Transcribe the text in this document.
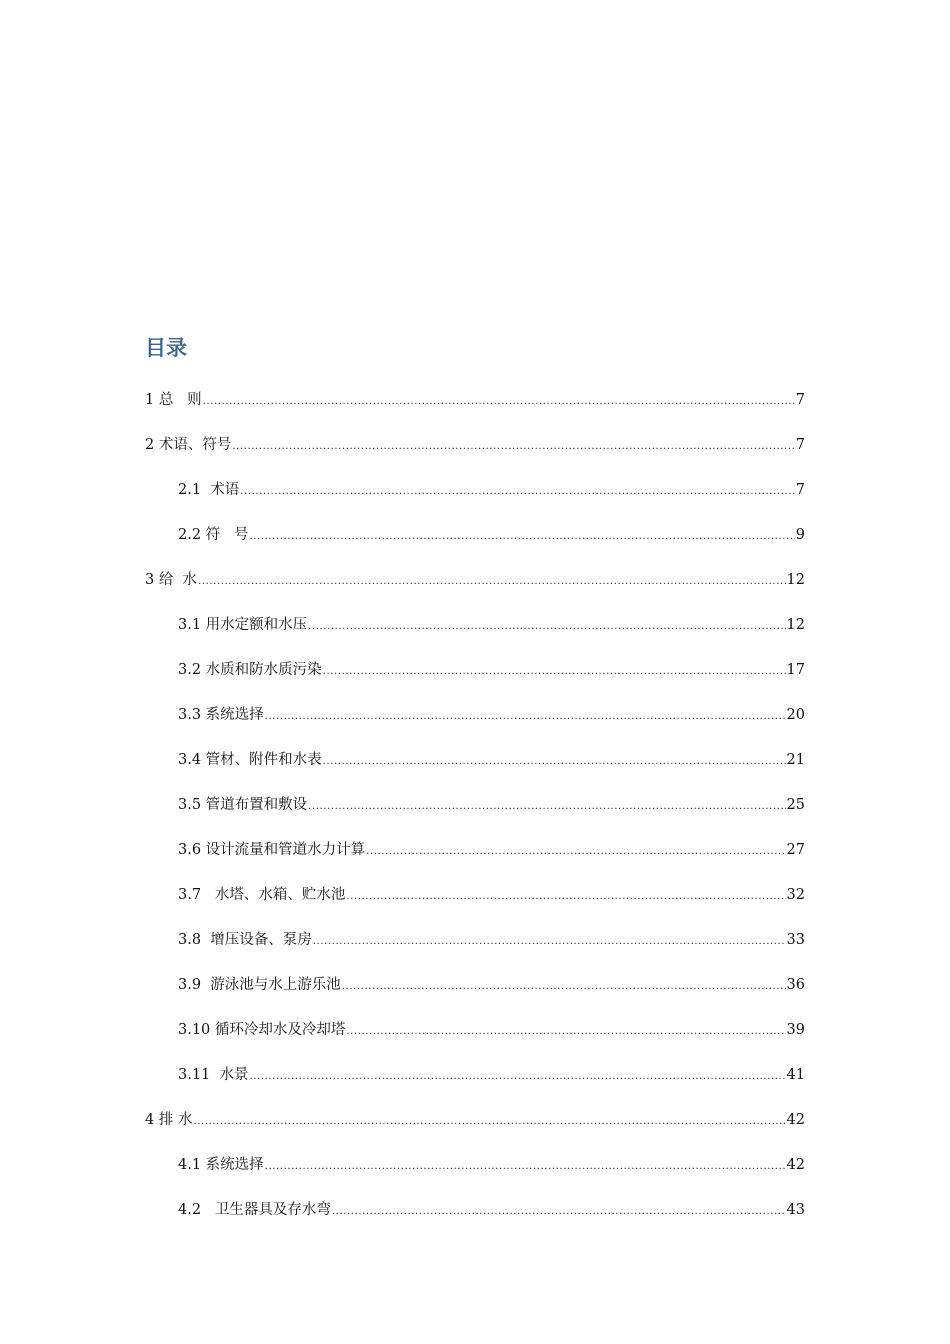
目录
1 总   则 .....	7
2 术语、符号 .....	7
2.1  术语 .....	7
2.2 符   号 .....	9
3 给  水 .....	12
3.1 用水定额和水压 .....	12
3.2 水质和防水质污染 .....	17
3.3 系统选择 .....	20
3.4 管材、附件和水表 .....	21
3.5 管道布置和敷设 .....	25
3.6 设计流量和管道水力计算 .....	27
3.7   水塔、水箱、贮水池 .....	32
3.8  增压设备、泵房 .....	33
3.9  游泳池与水上游乐池 .....	36
3.10 循环冷却水及冷却塔 .....	39
3.11  水景 .....	41
4 排 水 .....	42
4.1 系统选择 .....	42
4.2   卫生器具及存水弯 .....	43
